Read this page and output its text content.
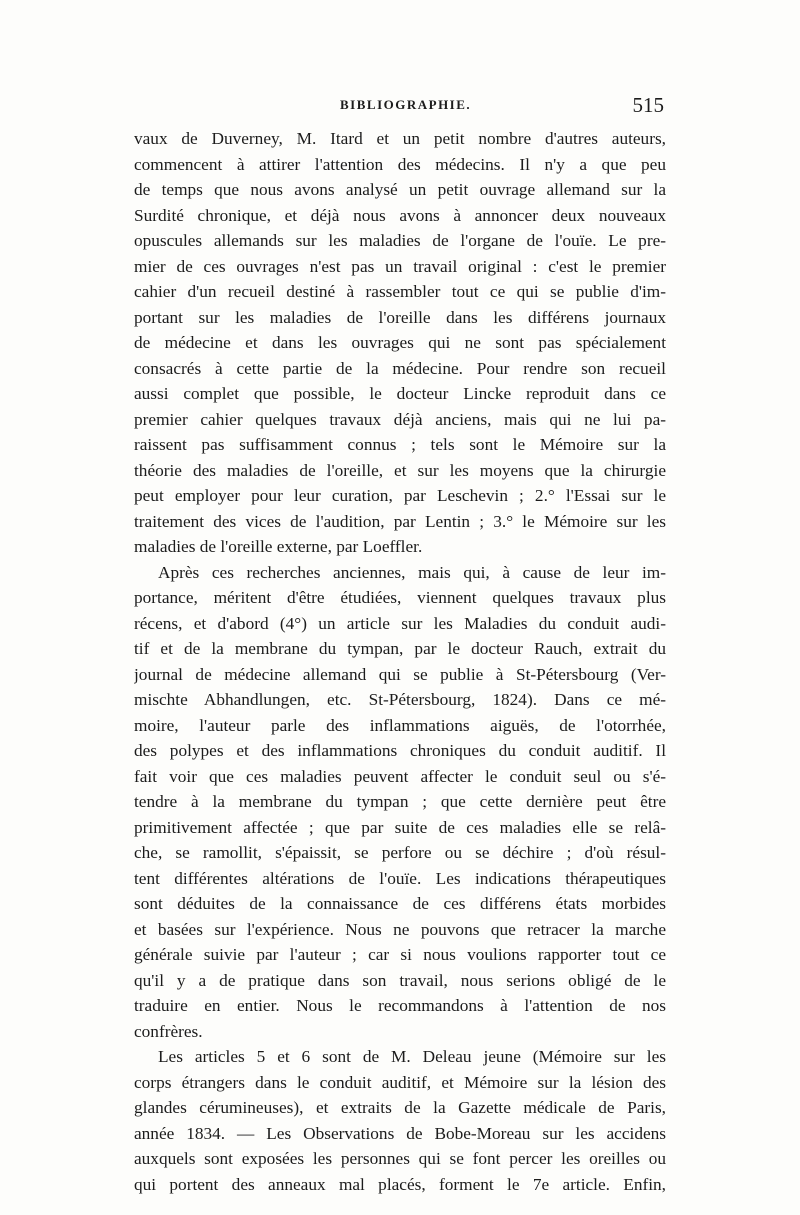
BIBLIOGRAPHIE.	515
vaux de Duverney, M. Itard et un petit nombre d'autres auteurs,
commencent à attirer l'attention des médecins. Il n'y a que peu
de temps que nous avons analysé un petit ouvrage allemand sur la
Surdité chronique, et déjà nous avons à annoncer deux nouveaux
opuscules allemands sur les maladies de l'organe de l'ouïe. Le pre-
mier de ces ouvrages n'est pas un travail original : c'est le premier
cahier d'un recueil destiné à rassembler tout ce qui se publie d'im-
portant sur les maladies de l'oreille dans les différens journaux
de médecine et dans les ouvrages qui ne sont pas spécialement
consacrés à cette partie de la médecine. Pour rendre son recueil
aussi complet que possible, le docteur Lincke reproduit dans ce
premier cahier quelques travaux déjà anciens, mais qui ne lui pa-
raissent pas suffisamment connus ; tels sont le Mémoire sur la
théorie des maladies de l'oreille, et sur les moyens que la chirurgie
peut employer pour leur curation, par Leschevin ; 2.° l'Essai sur le
traitement des vices de l'audition, par Lentin ; 3.° le Mémoire sur les
maladies de l'oreille externe, par Loeffler.
Après ces recherches anciennes, mais qui, à cause de leur im-
portance, méritent d'être étudiées, viennent quelques travaux plus
récens, et d'abord (4°) un article sur les Maladies du conduit audi-
tif et de la membrane du tympan, par le docteur Rauch, extrait du
journal de médecine allemand qui se publie à St-Pétersbourg (Ver-
mischte Abhandlungen, etc. St-Pétersbourg, 1824). Dans ce mé-
moire, l'auteur parle des inflammations aiguës, de l'otorrhée,
des polypes et des inflammations chroniques du conduit auditif. Il
fait voir que ces maladies peuvent affecter le conduit seul ou s'é-
tendre à la membrane du tympan ; que cette dernière peut être
primitivement affectée ; que par suite de ces maladies elle se relâ-
che, se ramollit, s'épaissit, se perfore ou se déchire ; d'où résul-
tent différentes altérations de l'ouïe. Les indications thérapeutiques
sont déduites de la connaissance de ces différens états morbides
et basées sur l'expérience. Nous ne pouvons que retracer la marche
générale suivie par l'auteur ; car si nous voulions rapporter tout ce
qu'il y a de pratique dans son travail, nous serions obligé de le
traduire en entier. Nous le recommandons à l'attention de nos
confrères.
Les articles 5 et 6 sont de M. Deleau jeune (Mémoire sur les
corps étrangers dans le conduit auditif, et Mémoire sur la lésion des
glandes cérumineuses), et extraits de la Gazette médicale de Paris,
année 1834. — Les Observations de Bobe-Moreau sur les accidens
auxquels sont exposées les personnes qui se font percer les oreilles ou
qui portent des anneaux mal placés, forment le 7e article. Enfin,
